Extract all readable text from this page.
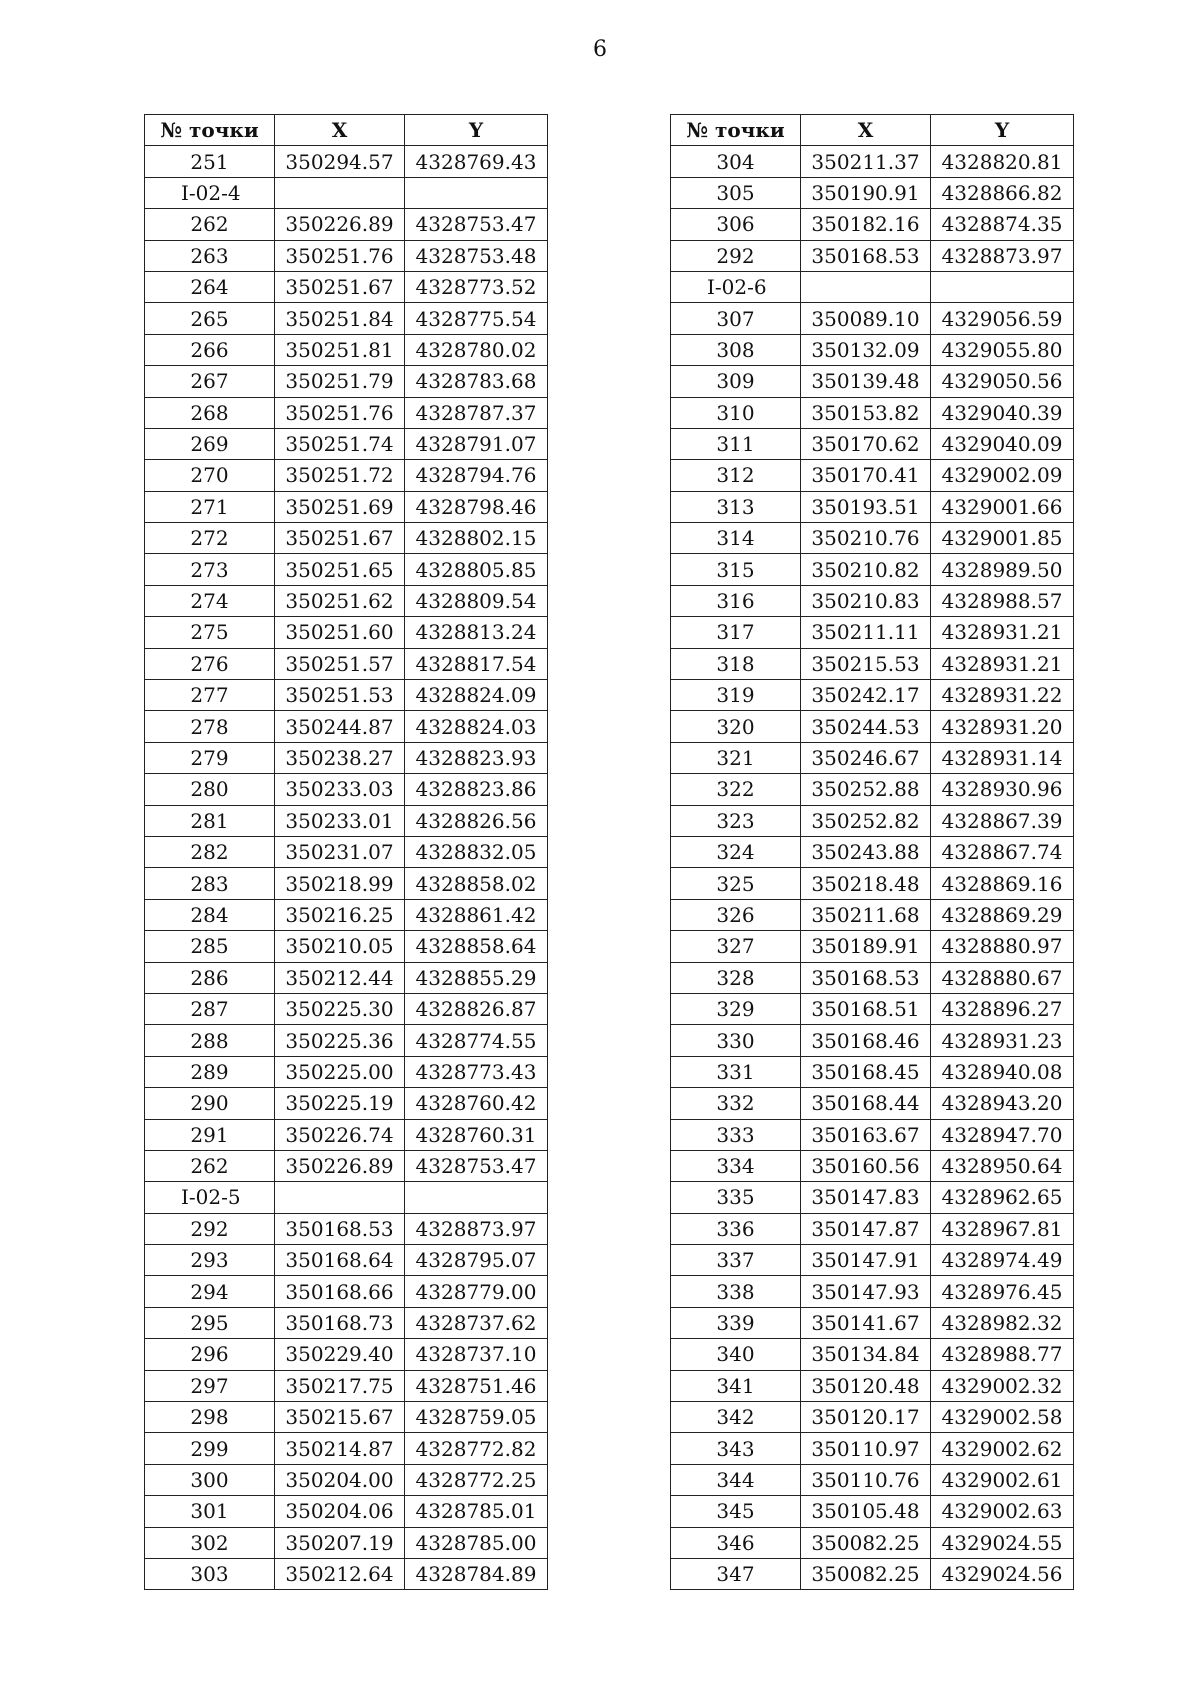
6
№ точки	X	Y
251	350294.57	4328769.43
I-02-4		
262	350226.89	4328753.47
263	350251.76	4328753.48
264	350251.67	4328773.52
265	350251.84	4328775.54
266	350251.81	4328780.02
267	350251.79	4328783.68
268	350251.76	4328787.37
269	350251.74	4328791.07
270	350251.72	4328794.76
271	350251.69	4328798.46
272	350251.67	4328802.15
273	350251.65	4328805.85
274	350251.62	4328809.54
275	350251.60	4328813.24
276	350251.57	4328817.54
277	350251.53	4328824.09
278	350244.87	4328824.03
279	350238.27	4328823.93
280	350233.03	4328823.86
281	350233.01	4328826.56
282	350231.07	4328832.05
283	350218.99	4328858.02
284	350216.25	4328861.42
285	350210.05	4328858.64
286	350212.44	4328855.29
287	350225.30	4328826.87
288	350225.36	4328774.55
289	350225.00	4328773.43
290	350225.19	4328760.42
291	350226.74	4328760.31
262	350226.89	4328753.47
I-02-5		
292	350168.53	4328873.97
293	350168.64	4328795.07
294	350168.66	4328779.00
295	350168.73	4328737.62
296	350229.40	4328737.10
297	350217.75	4328751.46
298	350215.67	4328759.05
299	350214.87	4328772.82
300	350204.00	4328772.25
301	350204.06	4328785.01
302	350207.19	4328785.00
303	350212.64	4328784.89
№ точки	X	Y
304	350211.37	4328820.81
305	350190.91	4328866.82
306	350182.16	4328874.35
292	350168.53	4328873.97
I-02-6		
307	350089.10	4329056.59
308	350132.09	4329055.80
309	350139.48	4329050.56
310	350153.82	4329040.39
311	350170.62	4329040.09
312	350170.41	4329002.09
313	350193.51	4329001.66
314	350210.76	4329001.85
315	350210.82	4328989.50
316	350210.83	4328988.57
317	350211.11	4328931.21
318	350215.53	4328931.21
319	350242.17	4328931.22
320	350244.53	4328931.20
321	350246.67	4328931.14
322	350252.88	4328930.96
323	350252.82	4328867.39
324	350243.88	4328867.74
325	350218.48	4328869.16
326	350211.68	4328869.29
327	350189.91	4328880.97
328	350168.53	4328880.67
329	350168.51	4328896.27
330	350168.46	4328931.23
331	350168.45	4328940.08
332	350168.44	4328943.20
333	350163.67	4328947.70
334	350160.56	4328950.64
335	350147.83	4328962.65
336	350147.87	4328967.81
337	350147.91	4328974.49
338	350147.93	4328976.45
339	350141.67	4328982.32
340	350134.84	4328988.77
341	350120.48	4329002.32
342	350120.17	4329002.58
343	350110.97	4329002.62
344	350110.76	4329002.61
345	350105.48	4329002.63
346	350082.25	4329024.55
347	350082.25	4329024.56
